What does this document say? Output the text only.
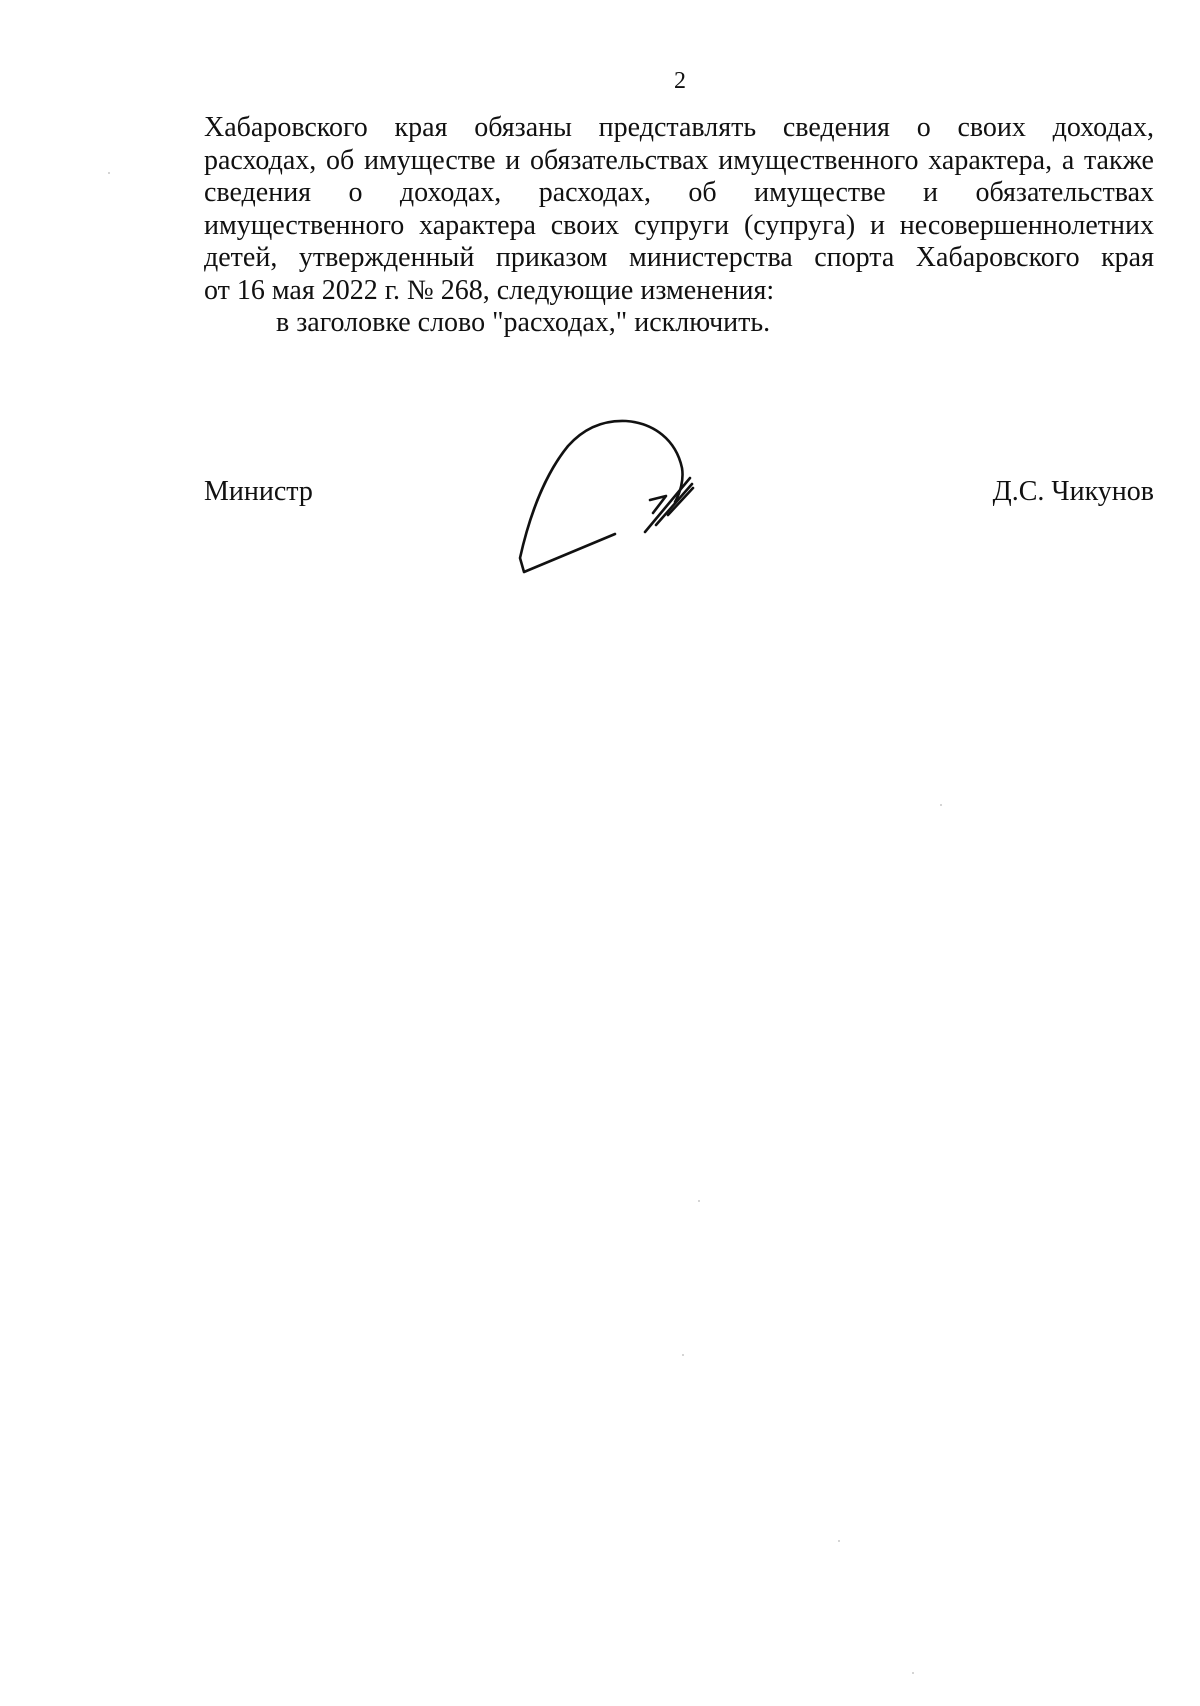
2
Хабаровского края обязаны представлять сведения о своих доходах,
расходах, об имуществе и обязательствах имущественного характера, а также
сведения о доходах, расходах, об имуществе и обязательствах
имущественного характера своих супруги (супруга) и несовершеннолетних
детей, утвержденный приказом министерства спорта Хабаровского края
от 16 мая 2022 г. № 268, следующие изменения:
в заголовке слово "расходах," исключить.
Министр	Д.С. Чикунов
